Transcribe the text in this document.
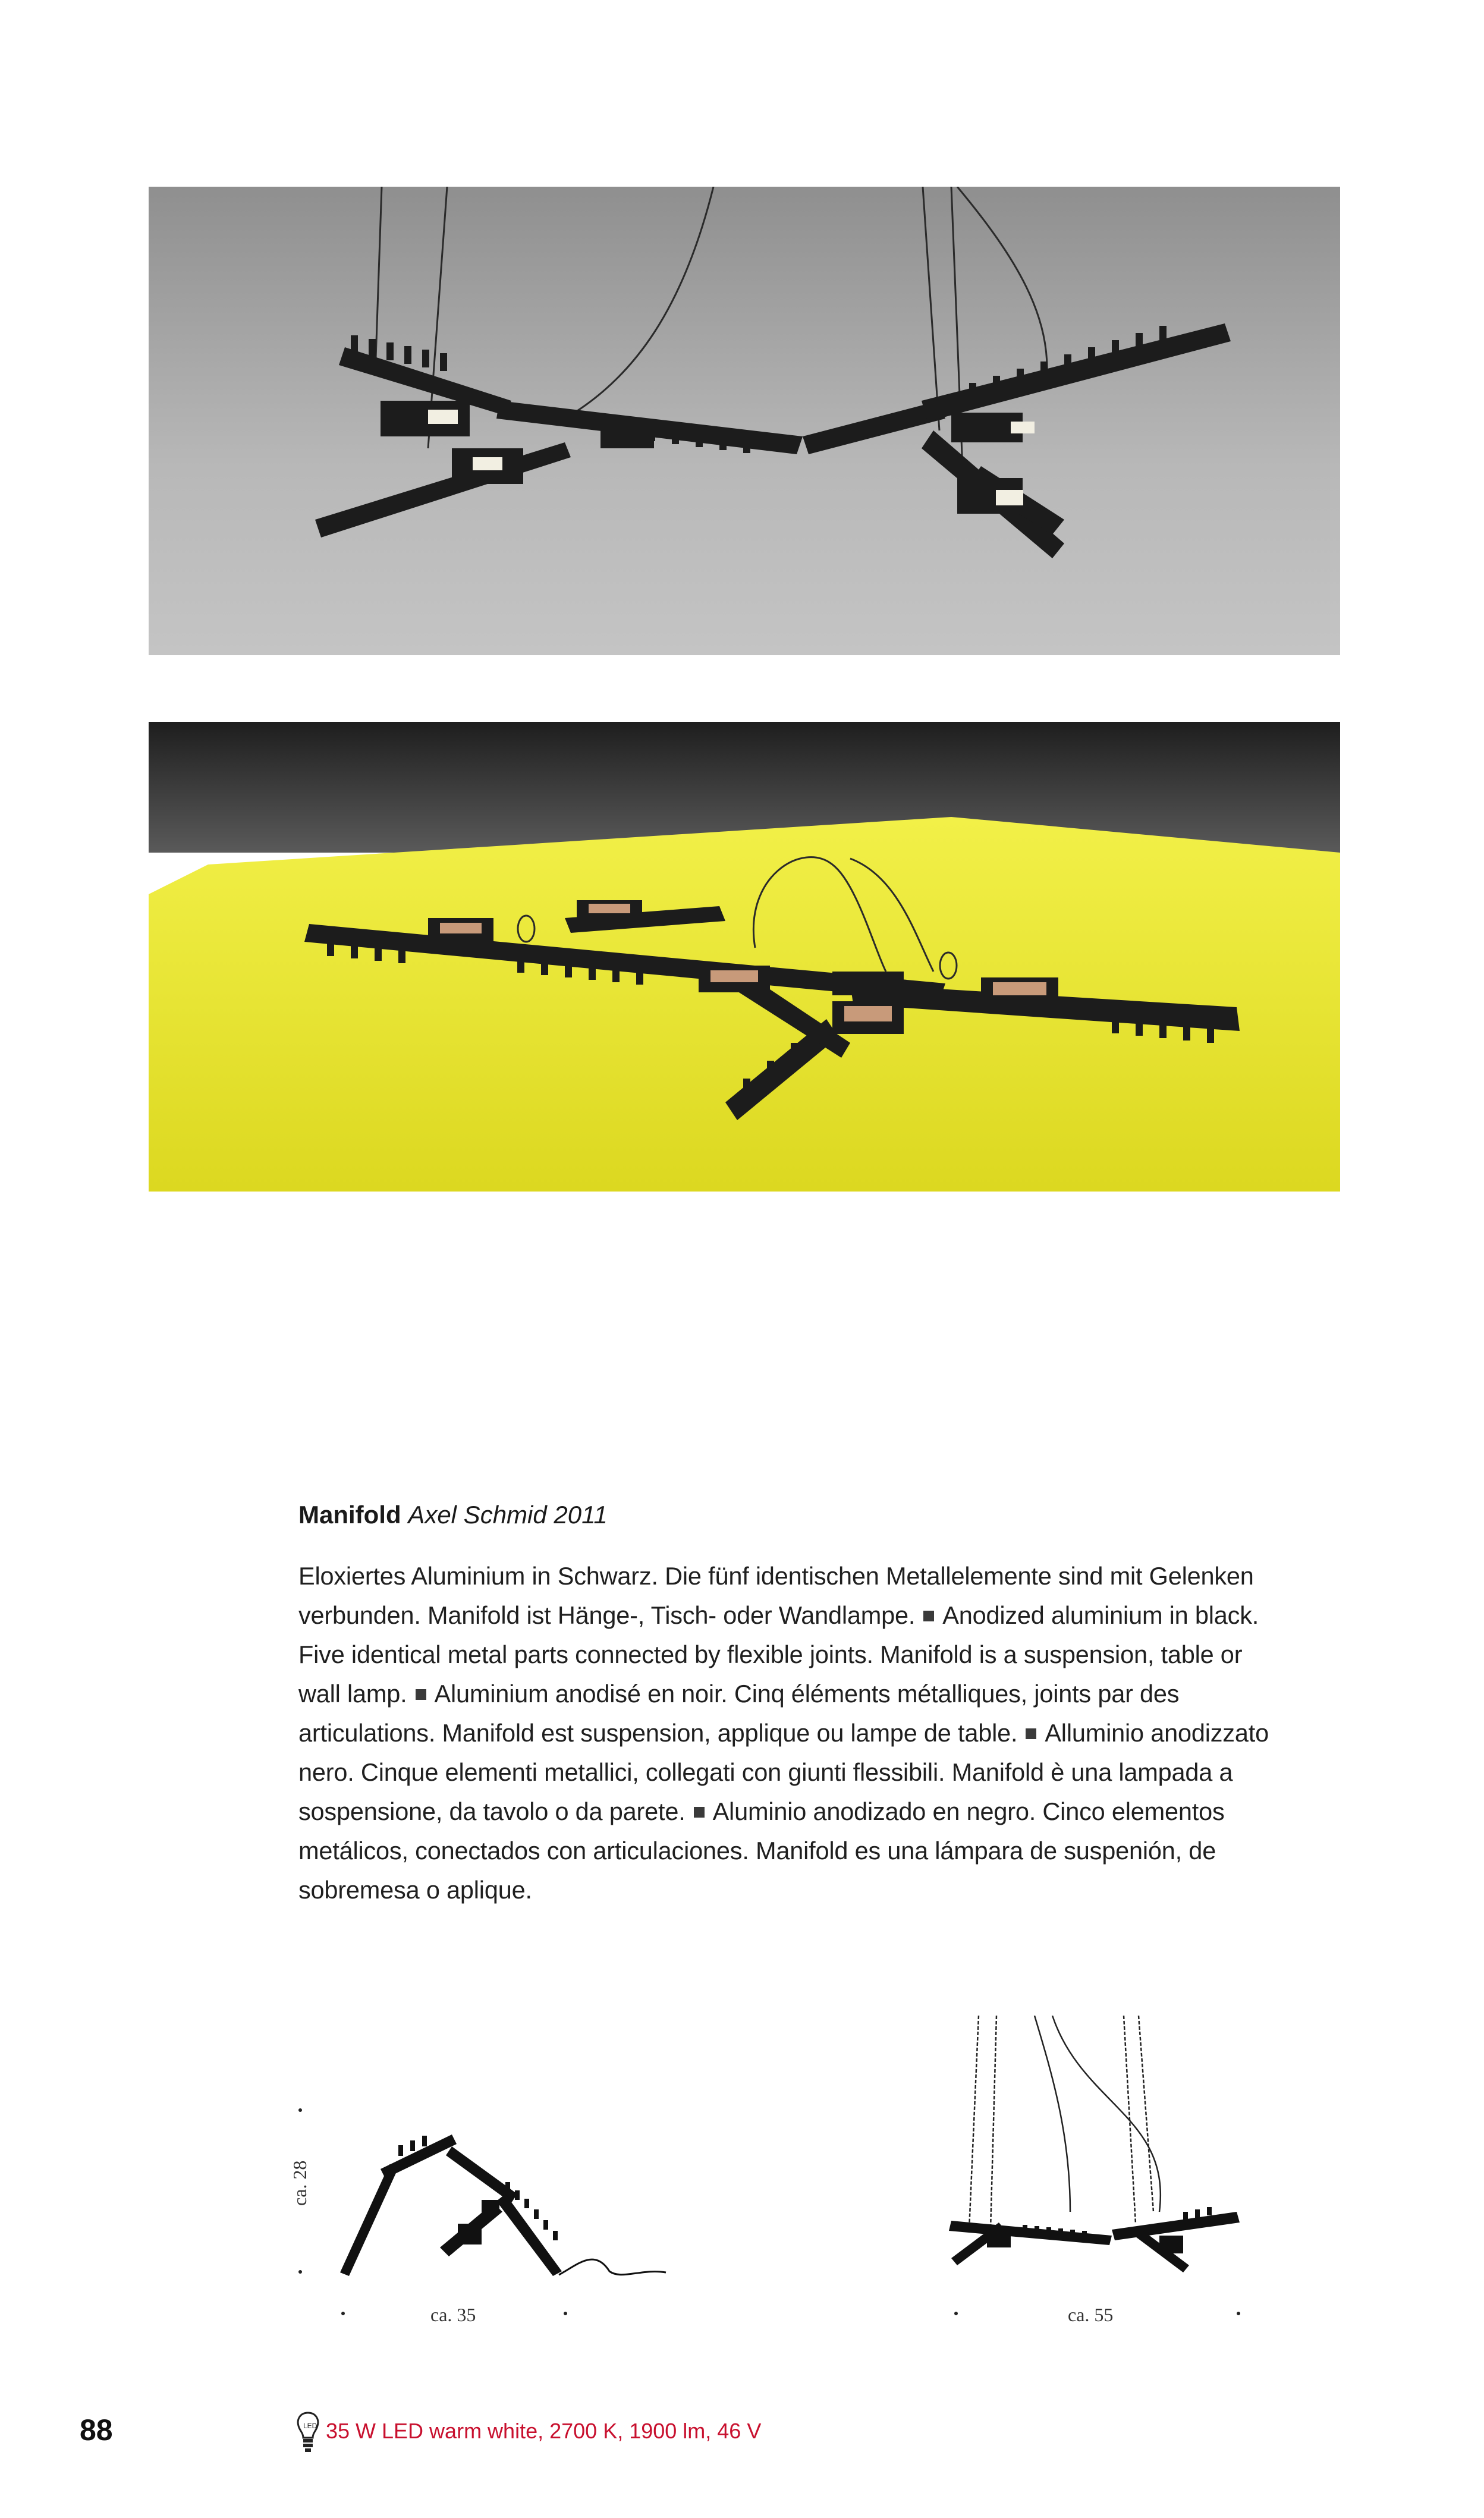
Manifold Axel Schmid 2011
Eloxiertes Aluminium in Schwarz. Die fünf identischen Metallelemente sind mit Gelenken verbunden. Manifold ist Hänge-, Tisch- oder Wandlampe. Anodized aluminium in black. Five identical metal parts connected by flexible joints. Manifold is a suspension, table or wall lamp. Aluminium anodisé en noir. Cinq éléments métalliques, joints par des articulations. Manifold est suspension, applique ou lampe de table. Alluminio anodizzato nero. Cinque elementi metallici, collegati con giunti flessibili. Manifold è una lampada a sospensione, da tavolo o da parete. Aluminio anodizado en negro. Cinco elementos metálicos, conectados con articulaciones. Manifold es una lámpara de suspenión, de sobremesa o aplique.
ca. 28
ca. 35	ca. 55
88	LED 35 W LED warm white, 2700 K, 1900 lm, 46 V
